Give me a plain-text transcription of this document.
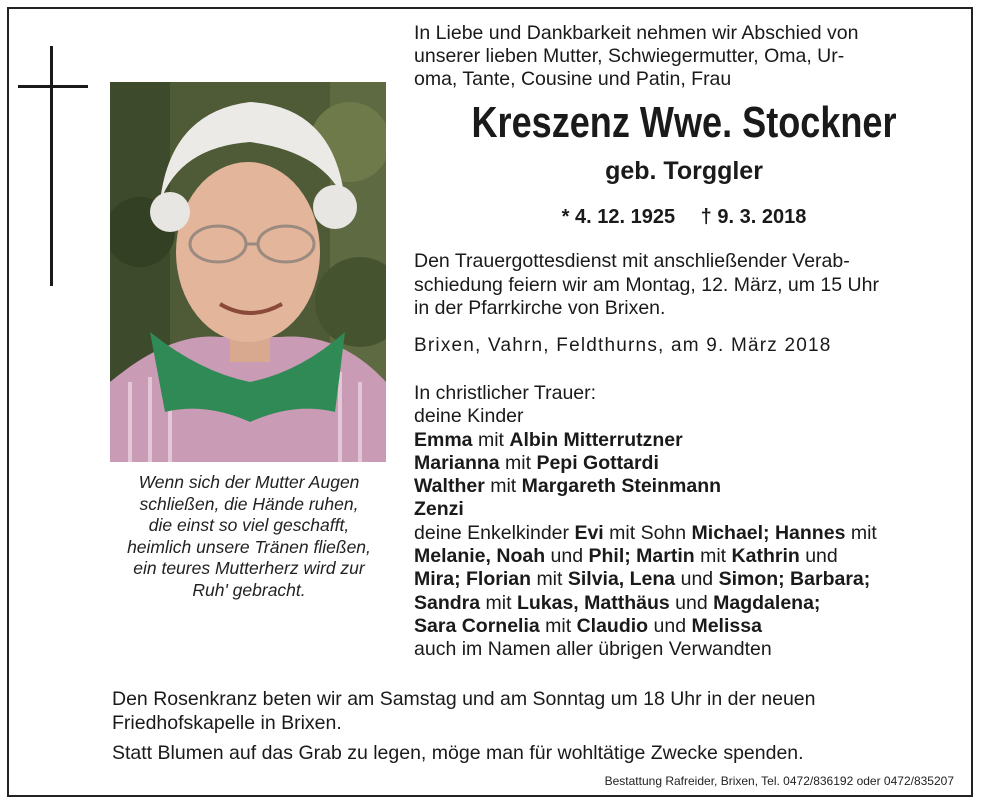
Wenn sich der Mutter Augen
schließen, die Hände ruhen,
die einst so viel geschafft,
heimlich unsere Tränen fließen,
ein teures Mutterherz wird zur
Ruh' gebracht.
In Liebe und Dankbarkeit nehmen wir Abschied von
unserer lieben Mutter, Schwiegermutter, Oma, Ur-
oma, Tante, Cousine und Patin, Frau
Kreszenz Wwe. Stockner
geb. Torggler
* 4. 12. 1925 † 9. 3. 2018
Den Trauergottesdienst mit anschließender Verab-
schiedung feiern wir am Montag, 12. März, um 15 Uhr
in der Pfarrkirche von Brixen.
Brixen, Vahrn, Feldthurns, am 9. März 2018
In christlicher Trauer:
deine Kinder
Emma mit Albin Mitterrutzner
Marianna mit Pepi Gottardi
Walther mit Margareth Steinmann
Zenzi
deine Enkelkinder Evi mit Sohn Michael; Hannes mit
Melanie, Noah und Phil; Martin mit Kathrin und
Mira; Florian mit Silvia, Lena und Simon; Barbara;
Sandra mit Lukas, Matthäus und Magdalena;
Sara Cornelia mit Claudio und Melissa
auch im Namen aller übrigen Verwandten
Den Rosenkranz beten wir am Samstag und am Sonntag um 18 Uhr in der neuen
Friedhofskapelle in Brixen.
Statt Blumen auf das Grab zu legen, möge man für wohltätige Zwecke spenden.
Bestattung Rafreider, Brixen, Tel. 0472/836192 oder 0472/835207
